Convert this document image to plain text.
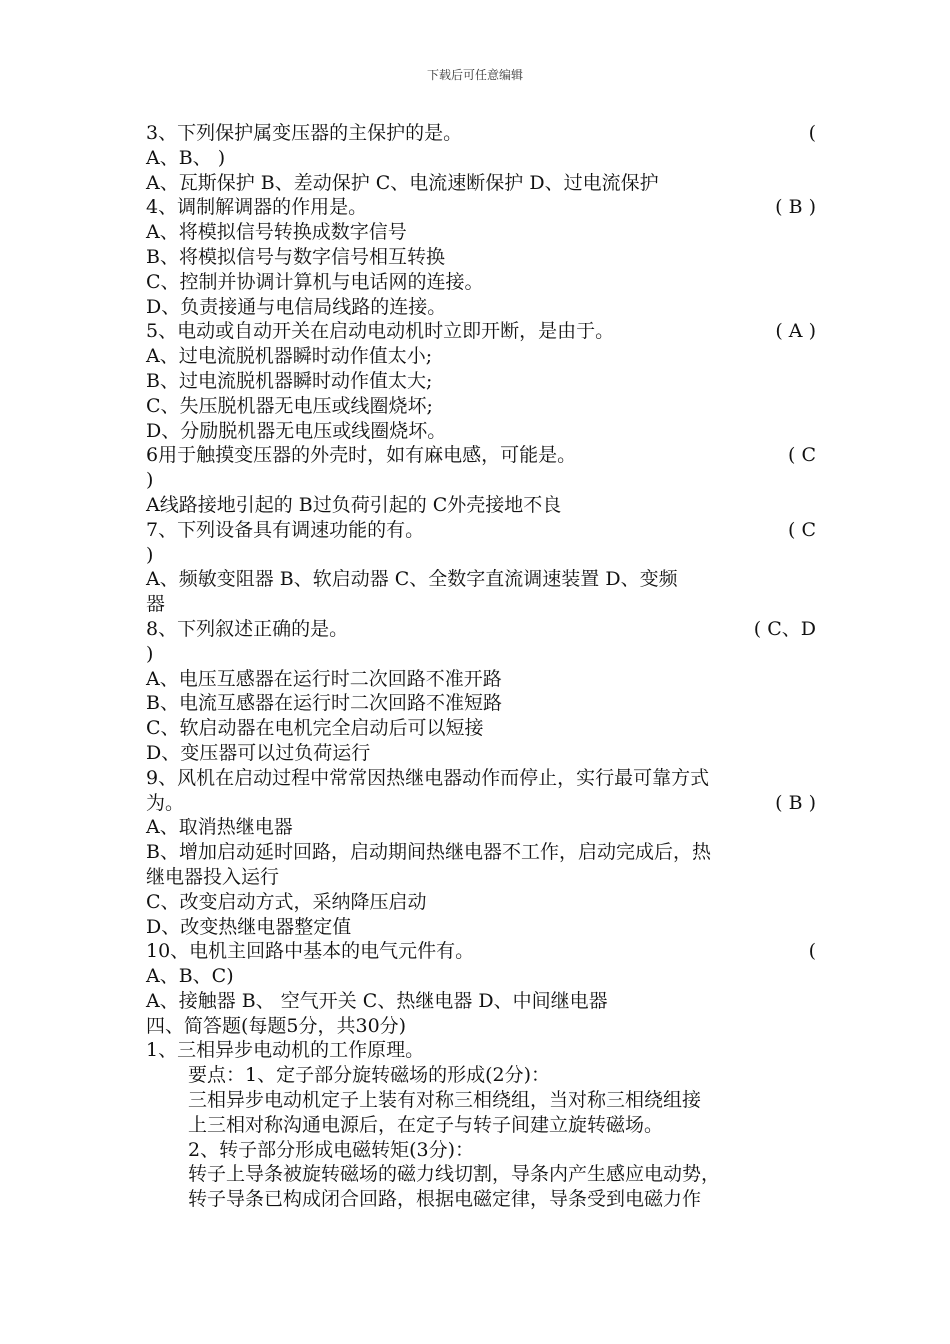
下载后可任意编辑
3、下列保护属变压器的主保护的是。	(
A、B、 )
A、瓦斯保护 B、差动保护 C、电流速断保护 D、过电流保护
4、调制解调器的作用是。	( B )
A、将模拟信号转换成数字信号
B、将模拟信号与数字信号相互转换
C、控制并协调计算机与电话网的连接。
D、负责接通与电信局线路的连接。
5、电动或自动开关在启动电动机时立即开断，是由于。	( A )
A、过电流脱机器瞬时动作值太小;
B、过电流脱机器瞬时动作值太大;
C、失压脱机器无电压或线圈烧坏;
D、分励脱机器无电压或线圈烧坏。
6用于触摸变压器的外壳时，如有麻电感，可能是。	( C
)
A线路接地引起的 B过负荷引起的 C外壳接地不良
7、下列设备具有调速功能的有。	( C
)
A、频敏变阻器 B、软启动器 C、全数字直流调速装置 D、变频
器
8、下列叙述正确的是。	( C、D
)
A、电压互感器在运行时二次回路不准开路
B、电流互感器在运行时二次回路不准短路
C、软启动器在电机完全启动后可以短接
D、变压器可以过负荷运行
9、风机在启动过程中常常因热继电器动作而停止，实行最可靠方式
为。	( B )
A、取消热继电器
B、增加启动延时回路，启动期间热继电器不工作，启动完成后，热
继电器投入运行
C、改变启动方式，采纳降压启动
D、改变热继电器整定值
10、电机主回路中基本的电气元件有。	(
A、B、C)
A、接触器 B、 空气开关 C、热继电器 D、中间继电器
四、简答题(每题5分，共30分)
1、三相异步电动机的工作原理。
要点：1、定子部分旋转磁场的形成(2分)：
三相异步电动机定子上装有对称三相绕组，当对称三相绕组接
上三相对称沟通电源后，在定子与转子间建立旋转磁场。
2、转子部分形成电磁转矩(3分)：
转子上导条被旋转磁场的磁力线切割，导条内产生感应电动势，
转子导条已构成闭合回路，根据电磁定律，导条受到电磁力作
